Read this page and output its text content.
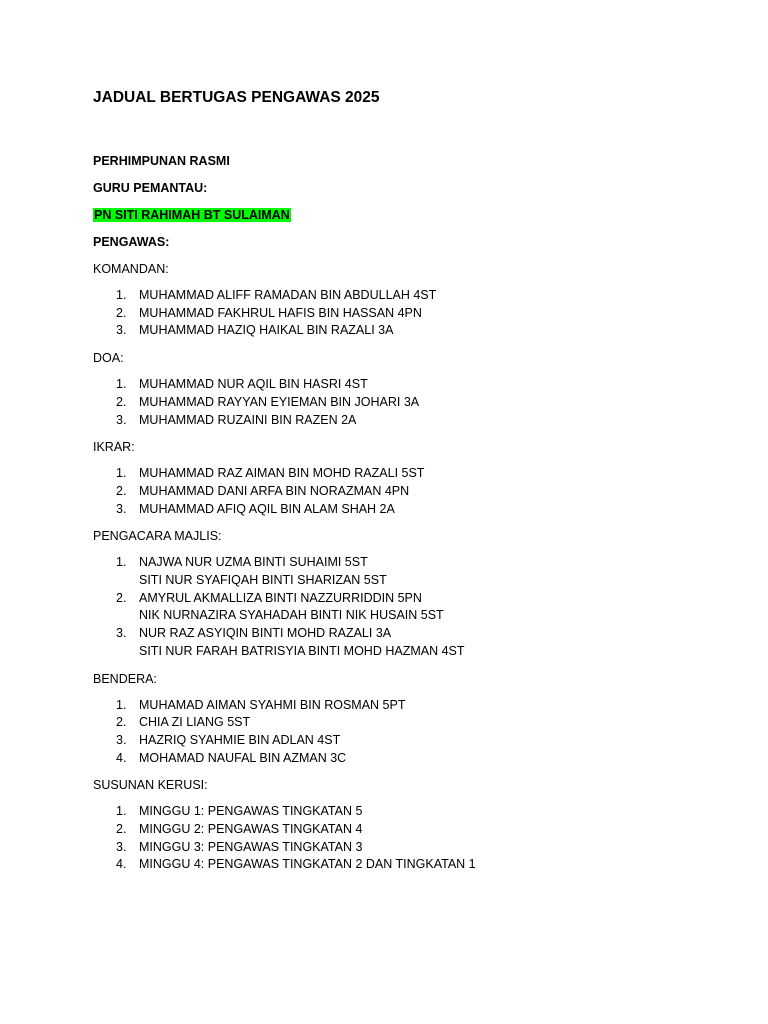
JADUAL BERTUGAS PENGAWAS 2025

PERHIMPUNAN RASMI

GURU PEMANTAU:

PN SITI RAHIMAH BT SULAIMAN

PENGAWAS:

KOMANDAN:

1. MUHAMMAD ALIFF RAMADAN BIN ABDULLAH 4ST
2. MUHAMMAD FAKHRUL HAFIS BIN HASSAN 4PN
3. MUHAMMAD HAZIQ HAIKAL BIN RAZALI 3A

DOA:

1. MUHAMMAD NUR AQIL BIN HASRI 4ST
2. MUHAMMAD RAYYAN EYIEMAN BIN JOHARI 3A
3. MUHAMMAD RUZAINI BIN RAZEN 2A

IKRAR:

1. MUHAMMAD RAZ AIMAN BIN MOHD RAZALI 5ST
2. MUHAMMAD DANI ARFA BIN NORAZMAN 4PN
3. MUHAMMAD AFIQ AQIL BIN ALAM SHAH 2A

PENGACARA MAJLIS:

1. NAJWA NUR UZMA BINTI SUHAIMI 5ST
SITI NUR SYAFIQAH BINTI SHARIZAN 5ST
2. AMYRUL AKMALLIZA BINTI NAZZURRIDDIN 5PN
NIK NURNAZIRA SYAHADAH BINTI NIK HUSAIN 5ST
3. NUR RAZ ASYIQIN BINTI MOHD RAZALI 3A
SITI NUR FARAH BATRISYIA BINTI MOHD HAZMAN 4ST

BENDERA:

1. MUHAMAD AIMAN SYAHMI BIN ROSMAN 5PT
2. CHIA ZI LIANG 5ST
3. HAZRIQ SYAHMIE BIN ADLAN 4ST
4. MOHAMAD NAUFAL BIN AZMAN 3C

SUSUNAN KERUSI:

1. MINGGU 1: PENGAWAS TINGKATAN 5
2. MINGGU 2: PENGAWAS TINGKATAN 4
3. MINGGU 3: PENGAWAS TINGKATAN 3
4. MINGGU 4: PENGAWAS TINGKATAN 2 DAN TINGKATAN 1
